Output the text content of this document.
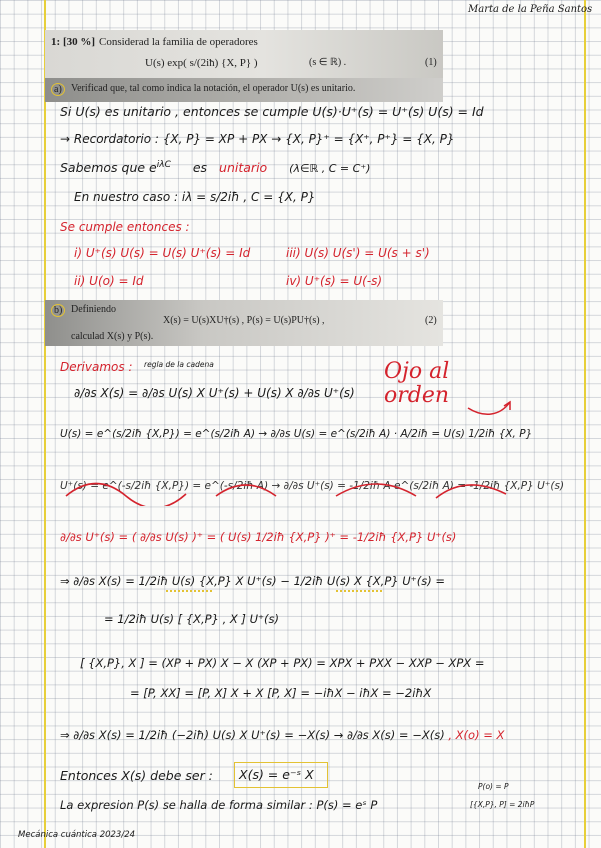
Marta de la Peña Santos
1: [30 %] Considerad la familia de operadores
U(s) exp( s/(2iħ) {X, P} )	(s ∈ ℝ) .	(1)
a) Verificad que, tal como indica la notación, el operador U(s) es unitario.
Si U(s) es unitario , entonces se cumple U(s)·U⁺(s) = U⁺(s) U(s) = Id
→ Recordatorio : {X, P} = XP + PX → {X, P}⁺ = {X⁺, P⁺} = {X, P}
Sabemos que $e^{i\lambda C}$ es unitario (λ∈ℝ , C = C⁺)
En nuestro caso : iλ = s/2iħ , C = {X, P}
Se cumple entonces :
i) U⁺(s) U(s) = U(s) U⁺(s) = Id	iii) U(s) U(s') = U(s + s')
ii) U(o) = Id	iv) U⁺(s) = U(-s)
b) Definiendo
X(s) = U(s)XU†(s) , P(s) = U(s)PU†(s) ,	(2)
calculad X(s) y P(s).
Derivamos : regla de la cadena	Ojo al orden
∂/∂s X(s) = ∂/∂s U(s) X U⁺(s) + U(s) X ∂/∂s U⁺(s)
U(s) = e^(s/2iħ {X,P}) = e^(s/2iħ A) → ∂/∂s U(s) = e^(s/2iħ A) · A/2iħ = U(s) 1/2iħ {X, P}
U⁺(s) = e^(-s/2iħ {X,P}) = e^(-s/2iħ A) → ∂/∂s U⁺(s) = -1/2iħ A e^(s/2iħ A) = -1/2iħ {X,P} U⁺(s)
∂/∂s U⁺(s) = ( ∂/∂s U(s) )⁺ = ( U(s) 1/2iħ {X,P} )⁺ = -1/2iħ {X,P} U⁺(s)
⇒ ∂/∂s X(s) = 1/2iħ U(s) {X,P} X U⁺(s) − 1/2iħ U(s) X {X,P} U⁺(s) =
= 1/2iħ U(s) [ {X,P} , X ] U⁺(s)
[ {X,P}, X ] = (XP + PX) X − X (XP + PX) = XPX + PXX − XXP − XPX =
= [P, XX] = [P, X] X + X [P, X] = −iħX − iħX = −2iħX
⇒ ∂/∂s X(s) = 1/2iħ (−2iħ) U(s) X U⁺(s) = −X(s) → ∂/∂s X(s) = −X(s) , X(o) = X
Entonces X(s) debe ser : X(s) = e⁻ˢ X
La expresion P(s) se halla de forma similar : P(s) = eˢ P
P(o) = P
[{X,P}, P] = 2iħP
Mecánica cuántica 2023/24
